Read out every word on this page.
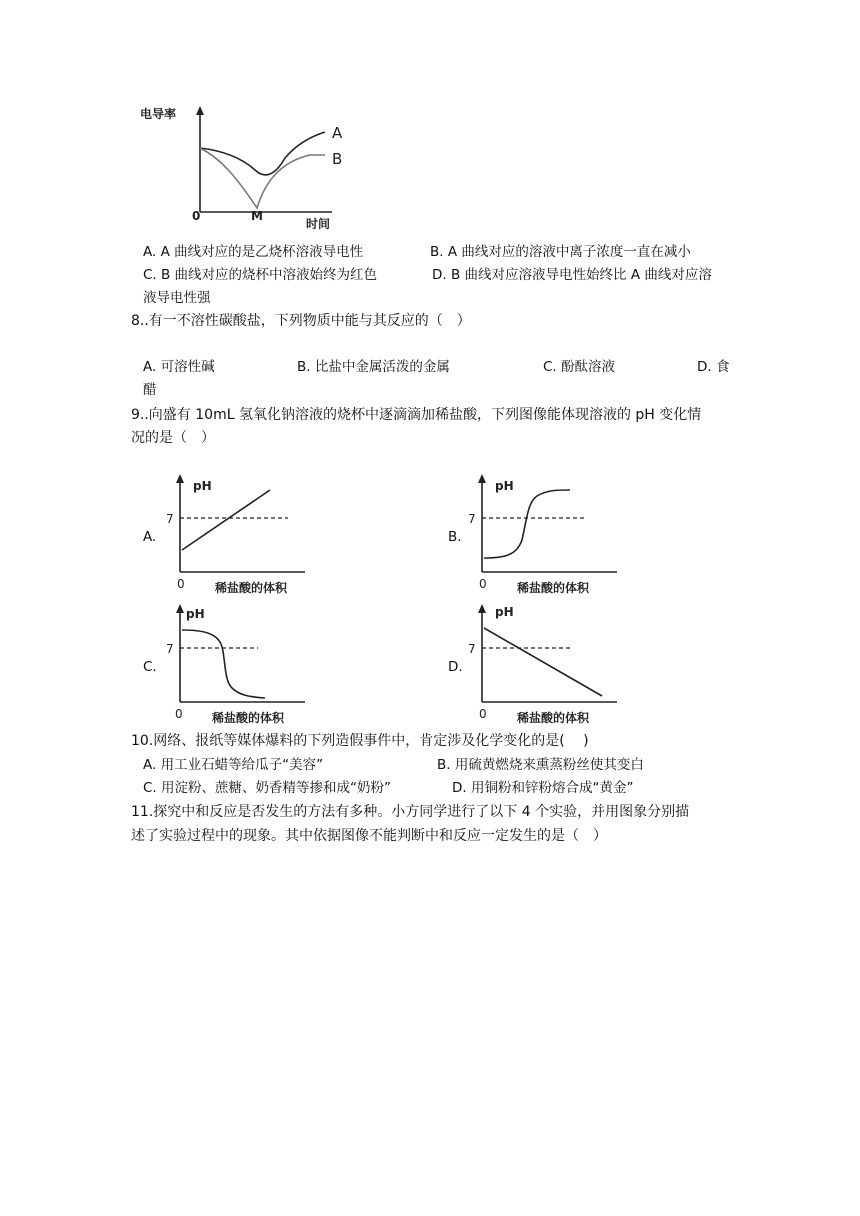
电导率
时间
0	M
A
B
A. A 曲线对应的是乙烧杯溶液导电性	B. A 曲线对应的溶液中离子浓度一直在减小
C. B 曲线对应的烧杯中溶液始终为红色	D. B 曲线对应溶液导电性始终比 A 曲线对应溶
液导电性强
8..有一不溶性碳酸盐，下列物质中能与其反应的（　）
A. 可溶性碱	B. 比盐中金属活泼的金属	C. 酚酞溶液	D. 食
醋
9..向盛有 10mL 氢氧化钠溶液的烧杯中逐滴滴加稀盐酸，下列图像能体现溶液的 pH 变化情
况的是（　）
A.
pH
7
0	稀盐酸的体积
B.
pH
7
0	稀盐酸的体积
C.
pH
7
0 稀盐酸的体积
D.
pH
7
0	稀盐酸的体积
10.网络、报纸等媒体爆料的下列造假事件中，肯定涉及化学变化的是(　 )
A. 用工业石蜡等给瓜子“美容”	B. 用硫黄燃烧来熏蒸粉丝使其变白
C. 用淀粉、蔗糖、奶香精等掺和成“奶粉”	D. 用铜粉和锌粉熔合成“黄金”
11.探究中和反应是否发生的方法有多种。小方同学进行了以下 4 个实验，并用图象分别描
述了实验过程中的现象。其中依据图像不能判断中和反应一定发生的是（　）
